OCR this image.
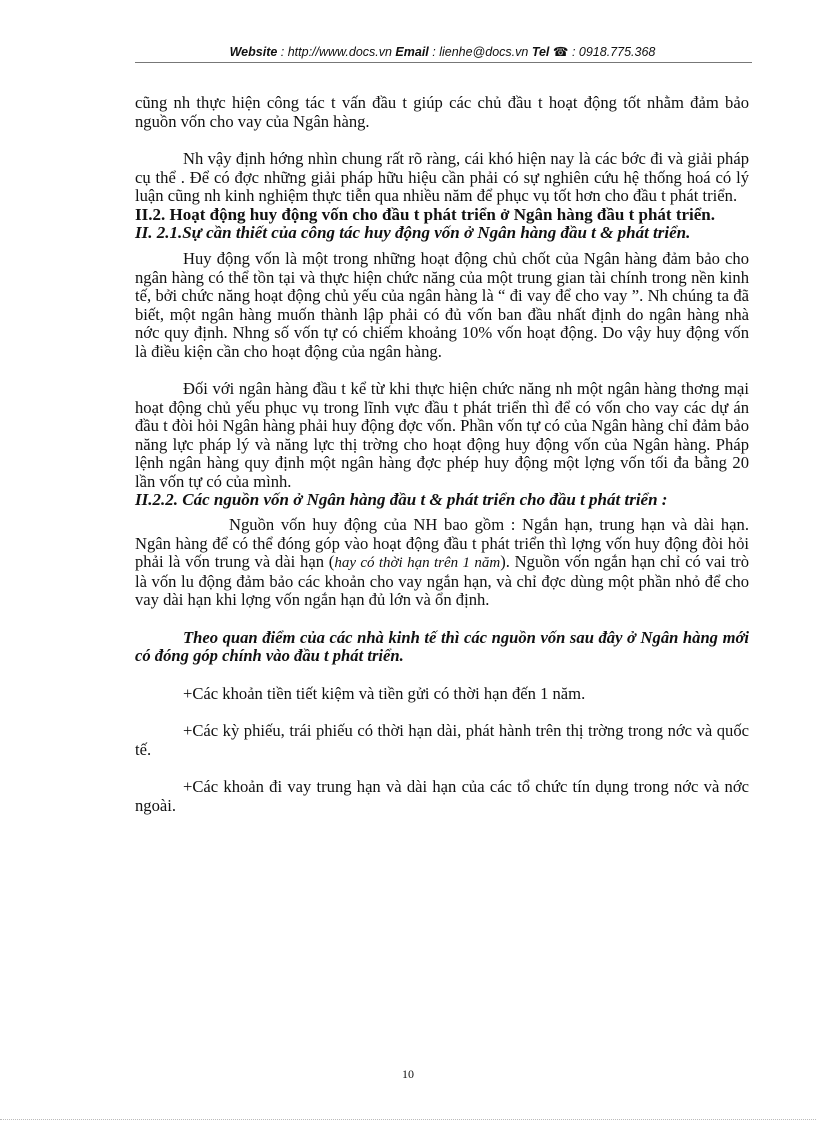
Website : http://www.docs.vn Email : lienhe@docs.vn Tel ☎ : 0918.775.368

cũng nh thực hiện công tác t vấn đầu t giúp các chủ đầu t hoạt động tốt nhằm đảm bảo nguồn vốn cho vay của Ngân hàng.

Nh vậy định hớng nhìn chung rất rõ ràng, cái khó hiện nay là các bớc đi và giải pháp cụ thể . Để có đợc những giải pháp hữu hiệu cần phải có sự nghiên cứu hệ thống hoá có lý luận cũng nh kinh nghiệm thực tiễn qua nhiều năm để phục vụ tốt hơn cho đầu t phát triển.

II.2. Hoạt động huy động vốn cho đầu t phát triển ở Ngân hàng đầu t phát triển.

II. 2.1.Sự cần thiết của công tác huy động vốn ở Ngân hàng đầu t & phát triển.

Huy động vốn là một trong những hoạt động chủ chốt của Ngân hàng đảm bảo cho ngân hàng có thể tồn tại và thực hiện chức năng của một trung gian tài chính trong nền kinh tế, bởi chức năng hoạt động chủ yếu của ngân hàng là “ đi vay để cho vay ”. Nh chúng ta đã biết, một ngân hàng muốn thành lập phải có đủ vốn ban đầu nhất định do ngân hàng nhà nớc quy định. Nhng số vốn tự có chiếm khoảng 10% vốn hoạt động. Do vậy huy động vốn là điều kiện cần cho hoạt động của ngân hàng.

Đối với ngân hàng đầu t kể từ khi thực hiện chức năng nh một ngân hàng thơng mại hoạt động chủ yếu phục vụ trong lĩnh vực đầu t phát triển thì để có vốn cho vay các dự án đầu t đòi hỏi Ngân hàng phải huy động đợc vốn. Phần vốn tự có của Ngân hàng chỉ đảm bảo năng lực pháp lý và năng lực thị trờng cho hoạt động huy động vốn của Ngân hàng. Pháp lệnh ngân hàng quy định một ngân hàng đợc phép huy động một lợng vốn tối đa bằng 20 lần vốn tự có của mình.

II.2.2. Các nguồn vốn ở Ngân hàng đầu t & phát triển cho đầu t phát triển :

Nguồn vốn huy động của NH bao gồm : Ngắn hạn, trung hạn và dài hạn. Ngân hàng để có thể đóng góp vào hoạt động đầu t phát triển thì lợng vốn huy động đòi hỏi phải là vốn trung và dài hạn (hay có thời hạn trên 1 năm). Nguồn vốn ngắn hạn chỉ có vai trò là vốn lu động đảm bảo các khoản cho vay ngắn hạn, và chỉ đợc dùng một phần nhỏ để cho vay dài hạn khi lợng vốn ngắn hạn đủ lớn và ổn định.

Theo quan điểm của các nhà kinh tế thì các nguồn vốn sau đây ở Ngân hàng mới có đóng góp chính vào đầu t phát triển.

+Các khoản tiền tiết kiệm và tiền gửi có thời hạn đến 1 năm.

+Các kỳ phiếu, trái phiếu có thời hạn dài, phát hành trên thị trờng trong nớc và quốc tế.

+Các khoản đi vay trung hạn và dài hạn của các tổ chức tín dụng trong nớc và nớc ngoài.

10
